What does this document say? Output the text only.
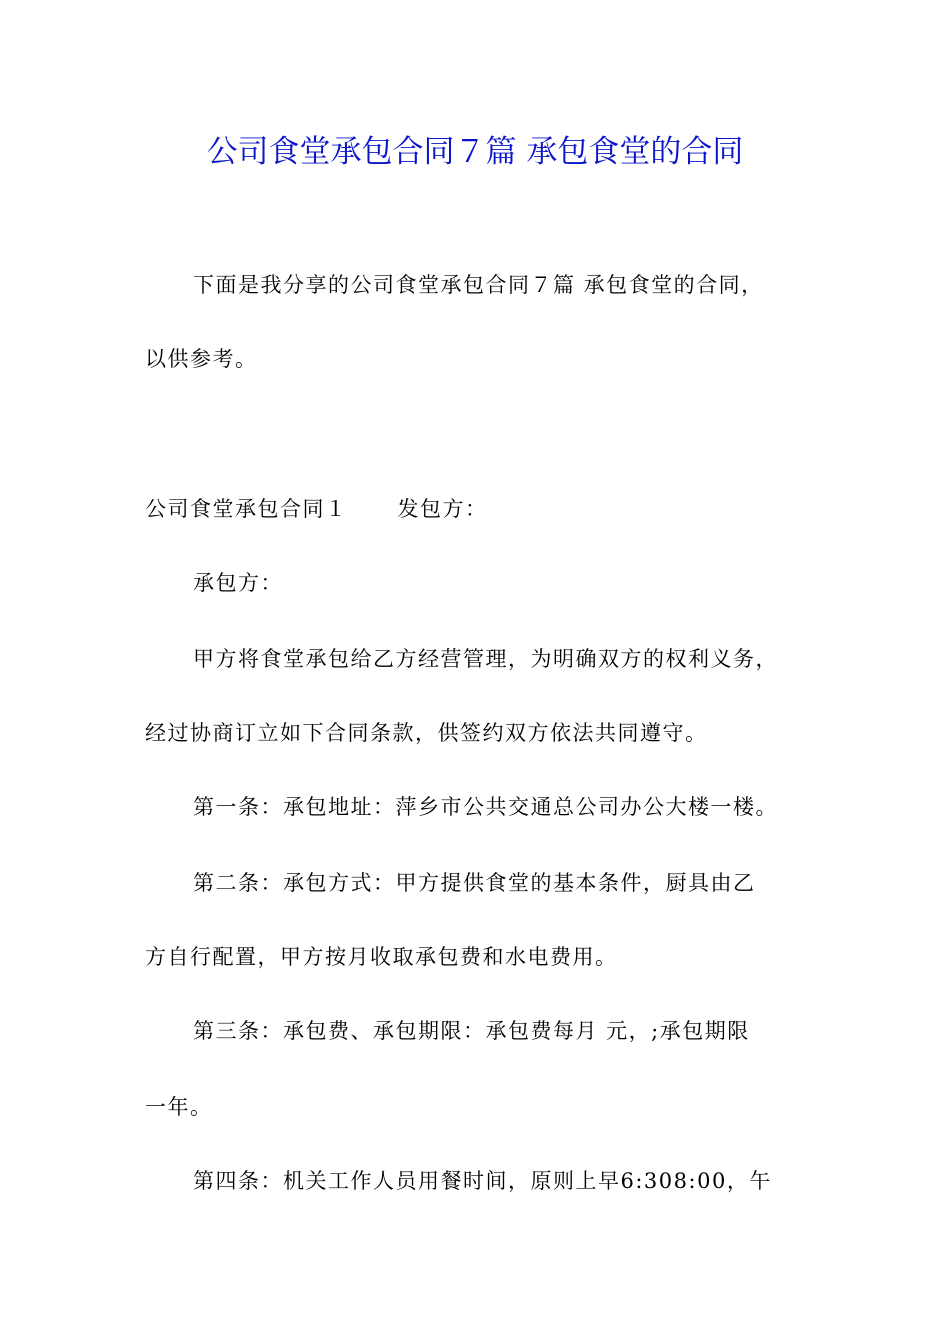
公司食堂承包合同７篇 承包食堂的合同
下面是我分享的公司食堂承包合同７篇 承包食堂的合同，
以供参考。
公司食堂承包合同１ 发包方：
承包方：
甲方将食堂承包给乙方经营管理，为明确双方的权利义务，
经过协商订立如下合同条款，供签约双方依法共同遵守。
第一条：承包地址：萍乡市公共交通总公司办公大楼一楼。
第二条：承包方式：甲方提供食堂的基本条件，厨具由乙
方自行配置，甲方按月收取承包费和水电费用。
第三条：承包费、承包期限：承包费每月 元，;承包期限
一年。
第四条：机关工作人员用餐时间，原则上早6:308:00，午
